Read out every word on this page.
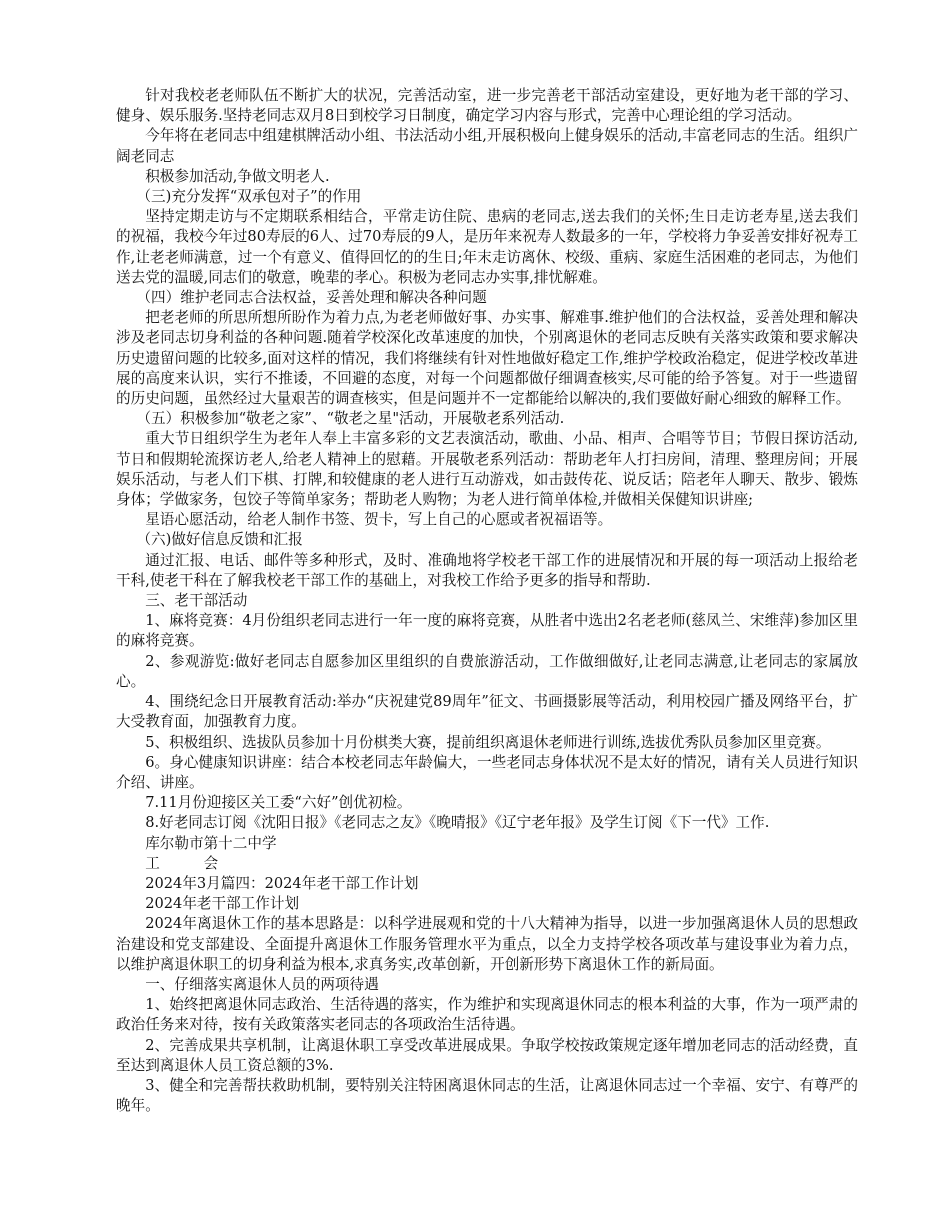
针对我校老老师队伍不断扩大的状况，完善活动室，进一步完善老干部活动室建设，更好地为老干部的学习、健身、娱乐服务.坚持老同志双月8日到校学习日制度，确定学习内容与形式，完善中心理论组的学习活动。

今年将在老同志中组建棋牌活动小组、书法活动小组,开展积极向上健身娱乐的活动,丰富老同志的生活。组织广阔老同志

积极参加活动,争做文明老人.

（三)充分发挥“双承包对子”的作用

坚持定期走访与不定期联系相结合，平常走访住院、患病的老同志,送去我们的关怀;生日走访老寿星,送去我们的祝福，我校今年过80寿辰的6人、过70寿辰的9人，是历年来祝寿人数最多的一年，学校将力争妥善安排好祝寿工作,让老老师满意，过一个有意义、值得回忆的的生日;年末走访离休、校级、重病、家庭生活困难的老同志，为他们送去党的温暖,同志们的敬意，晚辈的孝心。积极为老同志办实事,排忧解难。

（四）维护老同志合法权益，妥善处理和解决各种问题

把老老师的所思所想所盼作为着力点,为老老师做好事、办实事、解难事.维护他们的合法权益，妥善处理和解决涉及老同志切身利益的各种问题.随着学校深化改革速度的加快，个别离退休的老同志反映有关落实政策和要求解决历史遗留问题的比较多,面对这样的情况，我们将继续有针对性地做好稳定工作,维护学校政治稳定，促进学校改革进展的高度来认识，实行不推诿，不回避的态度，对每一个问题都做仔细调查核实,尽可能的给予答复。对于一些遗留的历史问题，虽然经过大量艰苦的调查核实，但是问题并不一定都能给以解决的,我们要做好耐心细致的解释工作。

（五）积极参加“敬老之家”、“敬老之星"活动，开展敬老系列活动.

重大节日组织学生为老年人奉上丰富多彩的文艺表演活动，歌曲、小品、相声、合唱等节目；节假日探访活动,节日和假期轮流探访老人,给老人精神上的慰藉。开展敬老系列活动：帮助老年人打扫房间，清理、整理房间；开展娱乐活动，与老人们下棋、打牌,和较健康的老人进行互动游戏，如击鼓传花、说反话；陪老年人聊天、散步、锻炼身体；学做家务，包饺子等简单家务；帮助老人购物；为老人进行简单体检,并做相关保健知识讲座;

星语心愿活动，给老人制作书签、贺卡，写上自己的心愿或者祝福语等。

（六)做好信息反馈和汇报

通过汇报、电话、邮件等多种形式，及时、准确地将学校老干部工作的进展情况和开展的每一项活动上报给老干科,使老干科在了解我校老干部工作的基础上，对我校工作给予更多的指导和帮助.

三、老干部活动

1、麻将竞赛：4月份组织老同志进行一年一度的麻将竞赛，从胜者中选出2名老老师(慈凤兰、宋维萍)参加区里的麻将竞赛。

2、参观游览:做好老同志自愿参加区里组织的自费旅游活动，工作做细做好,让老同志满意,让老同志的家属放心。

4、围绕纪念日开展教育活动:举办“庆祝建党89周年”征文、书画摄影展等活动，利用校园广播及网络平台，扩大受教育面，加强教育力度。

5、积极组织、选拔队员参加十月份棋类大赛，提前组织离退休老师进行训练,选拔优秀队员参加区里竞赛。

6。身心健康知识讲座：结合本校老同志年龄偏大，一些老同志身体状况不是太好的情况，请有关人员进行知识介绍、讲座。

7.11月份迎接区关工委“六好”创优初检。

8.好老同志订阅《沈阳日报》《老同志之友》《晚晴报》《辽宁老年报》及学生订阅《下一代》工作.

库尔勒市第十二中学

工	会

2024年3月篇四：2024年老干部工作计划

2024年老干部工作计划

2024年离退休工作的基本思路是：以科学进展观和党的十八大精神为指导，以进一步加强离退休人员的思想政治建设和党支部建设、全面提升离退休工作服务管理水平为重点，以全力支持学校各项改革与建设事业为着力点，以维护离退休职工的切身利益为根本,求真务实,改革创新，开创新形势下离退休工作的新局面。

一、仔细落实离退休人员的两项待遇

1、始终把离退休同志政治、生活待遇的落实，作为维护和实现离退休同志的根本利益的大事，作为一项严肃的政治任务来对待，按有关政策落实老同志的各项政治生活待遇。

2、完善成果共享机制，让离退休职工享受改革进展成果。争取学校按政策规定逐年增加老同志的活动经费，直至达到离退休人员工资总额的3%.

3、健全和完善帮扶救助机制，要特别关注特困离退休同志的生活，让离退休同志过一个幸福、安宁、有尊严的晚年。
